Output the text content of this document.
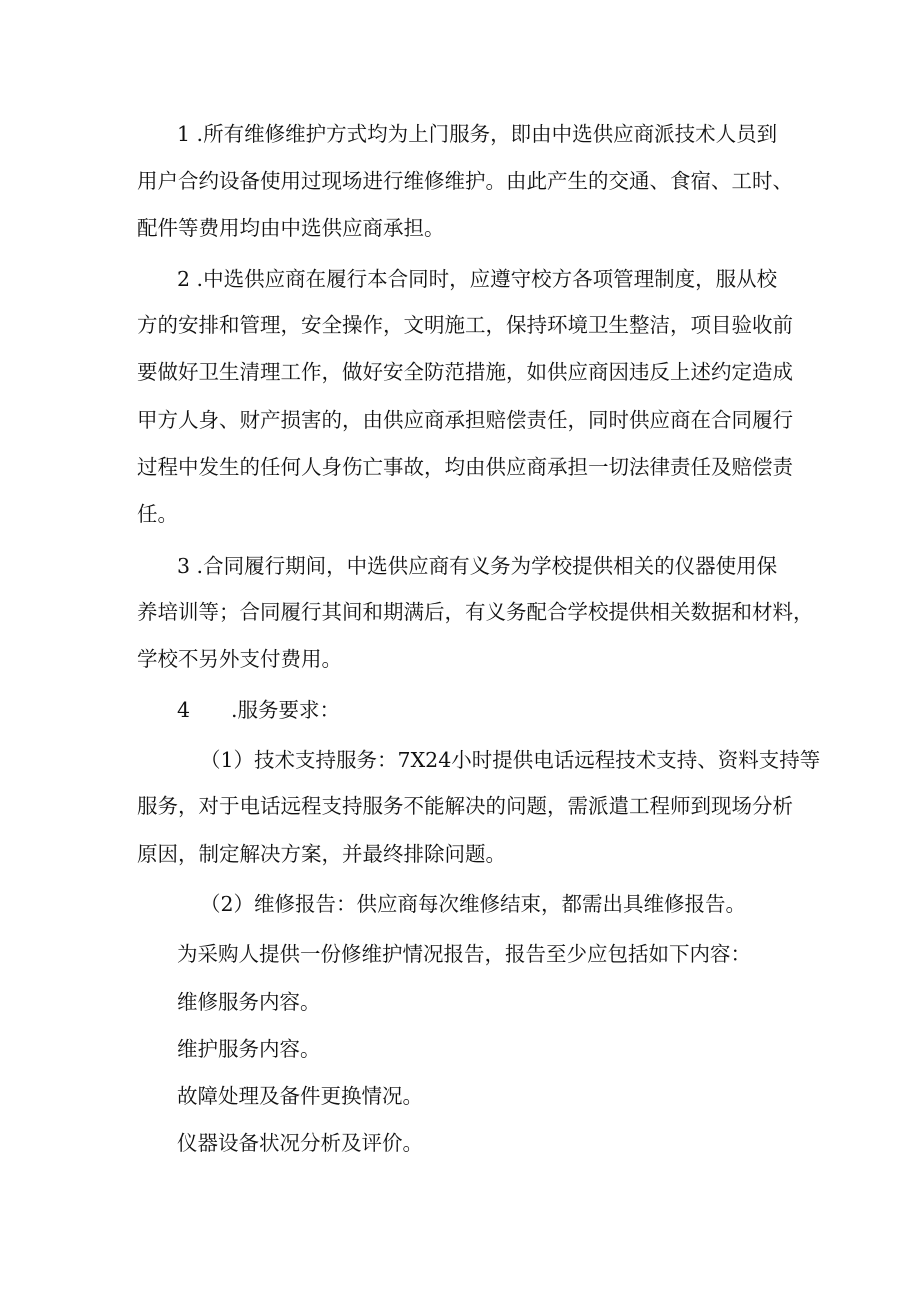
1 .所有维修维护方式均为上门服务，即由中选供应商派技术人员到
用户合约设备使用过现场进行维修维护。由此产生的交通、食宿、工时、
配件等费用均由中选供应商承担。
2 .中选供应商在履行本合同时，应遵守校方各项管理制度，服从校
方的安排和管理，安全操作，文明施工，保持环境卫生整洁，项目验收前
要做好卫生清理工作，做好安全防范措施，如供应商因违反上述约定造成
甲方人身、财产损害的，由供应商承担赔偿责任，同时供应商在合同履行
过程中发生的任何人身伤亡事故，均由供应商承担一切法律责任及赔偿责
任。
3 .合同履行期间，中选供应商有义务为学校提供相关的仪器使用保
养培训等；合同履行其间和期满后，有义务配合学校提供相关数据和材料，
学校不另外支付费用。
4　　.服务要求：
（1）技术支持服务：7X24小时提供电话远程技术支持、资料支持等
服务，对于电话远程支持服务不能解决的问题，需派遣工程师到现场分析
原因，制定解决方案，并最终排除问题。
（2）维修报告：供应商每次维修结束，都需出具维修报告。
为采购人提供一份修维护情况报告，报告至少应包括如下内容：
维修服务内容。
维护服务内容。
故障处理及备件更换情况。
仪器设备状况分析及评价。
